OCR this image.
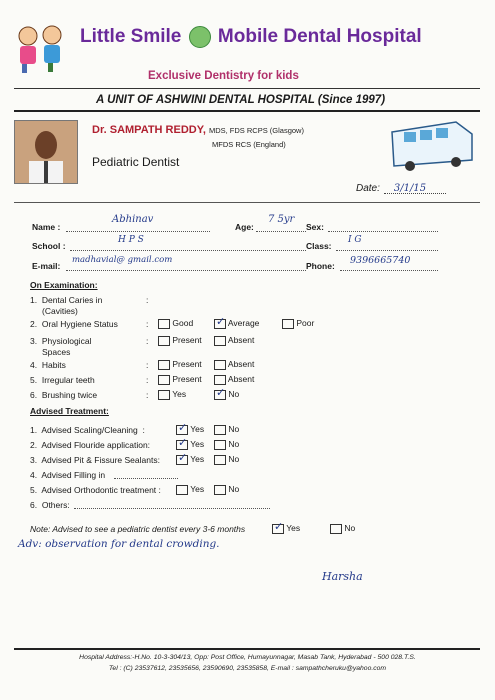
Little Smile Mobile Dental Hospital
Exclusive Dentistry for kids
A UNIT OF ASHWINI DENTAL HOSPITAL (Since 1997)
Dr. SAMPATH REDDY, MDS, FDS RCPS (Glasgow)
MFDS RCS (England)
Pediatric Dentist
Date: 3/1/15
Name :
Abhinav
Age:
7 5yr
Sex:
School :
H P S
Class:
I G
E-mail:
madhavial@ gmail.com
Phone: 9396665740
On Examination:
1. Dental Caries in
(Cavities)
:
2. Oral Hygiene Status	:	Good ✓	Average	Poor
3. Physiological
Spaces
:	Present	Absent
4. Habits	:	Present	Absent
5. Irregular teeth	:	Present	Absent
6. Brushing twice	:	Yes ✓	No
Advised Treatment:
1. Advised Scaling/Cleaning  : ✓	Yes	No
2. Advised Flouride application: ✓	Yes	No
3. Advised Pit & Fissure Sealants: ✓	Yes	No
4. Advised Filling in
5. Advised Orthodontic treatment :	Yes	No
6. Others:
Note: Advised to see a pediatric dentist every 3-6 months ✓	Yes	No
Adv: observation for dental crowding.
Harsha
Hospital Address:-H.No. 10-3-304/13, Opp: Post Office, Humayunnagar, Masab Tank, Hyderabad - 500 028.T.S.
Tel : (C) 23537612, 23535656, 23590690, 23535858, E-mail : sampathcheruku@yahoo.com
